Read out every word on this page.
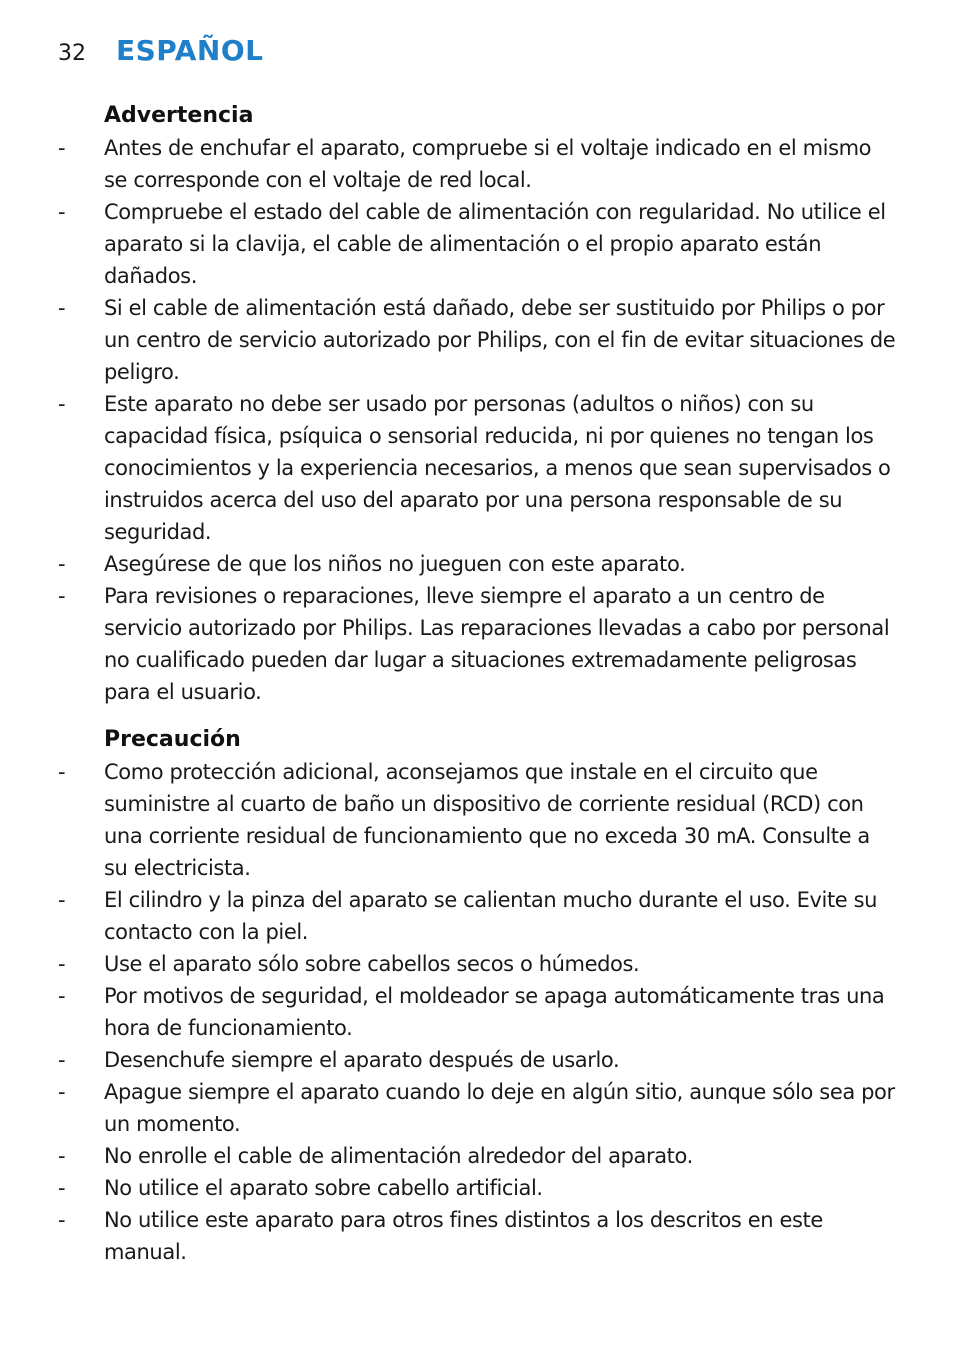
32	ESPAÑOL
Advertencia
-	Antes de enchufar el aparato, compruebe si el voltaje indicado en el mismo se corresponde con el voltaje de red local.
-	Compruebe el estado del cable de alimentación con regularidad. No utilice el aparato si la clavija, el cable de alimentación o el propio aparato están dañados.
-	Si el cable de alimentación está dañado, debe ser sustituido por Philips o por un centro de servicio autorizado por Philips, con el fin de evitar situaciones de peligro.
-	Este aparato no debe ser usado por personas (adultos o niños) con su capacidad física, psíquica o sensorial reducida, ni por quienes no tengan los conocimientos y la experiencia necesarios, a menos que sean supervisados o instruidos acerca del uso del aparato por una persona responsable de su seguridad.
-	Asegúrese de que los niños no jueguen con este aparato.
-	Para revisiones o reparaciones, lleve siempre el aparato a un centro de servicio autorizado por Philips. Las reparaciones llevadas a cabo por personal no cualificado pueden dar lugar a situaciones extremadamente peligrosas para el usuario.
Precaución
-	Como protección adicional, aconsejamos que instale en el circuito que suministre al cuarto de baño un dispositivo de corriente residual (RCD) con una corriente residual de funcionamiento que no exceda 30 mA. Consulte a su electricista.
-	El cilindro y la pinza del aparato se calientan mucho durante el uso. Evite su contacto con la piel.
-	Use el aparato sólo sobre cabellos secos o húmedos.
-	Por motivos de seguridad, el moldeador se apaga automáticamente tras una hora de funcionamiento.
-	Desenchufe siempre el aparato después de usarlo.
-	Apague siempre el aparato cuando lo deje en algún sitio, aunque sólo sea por un momento.
-	No enrolle el cable de alimentación alrededor del aparato.
-	No utilice el aparato sobre cabello artificial.
-	No utilice este aparato para otros fines distintos a los descritos en este manual.
